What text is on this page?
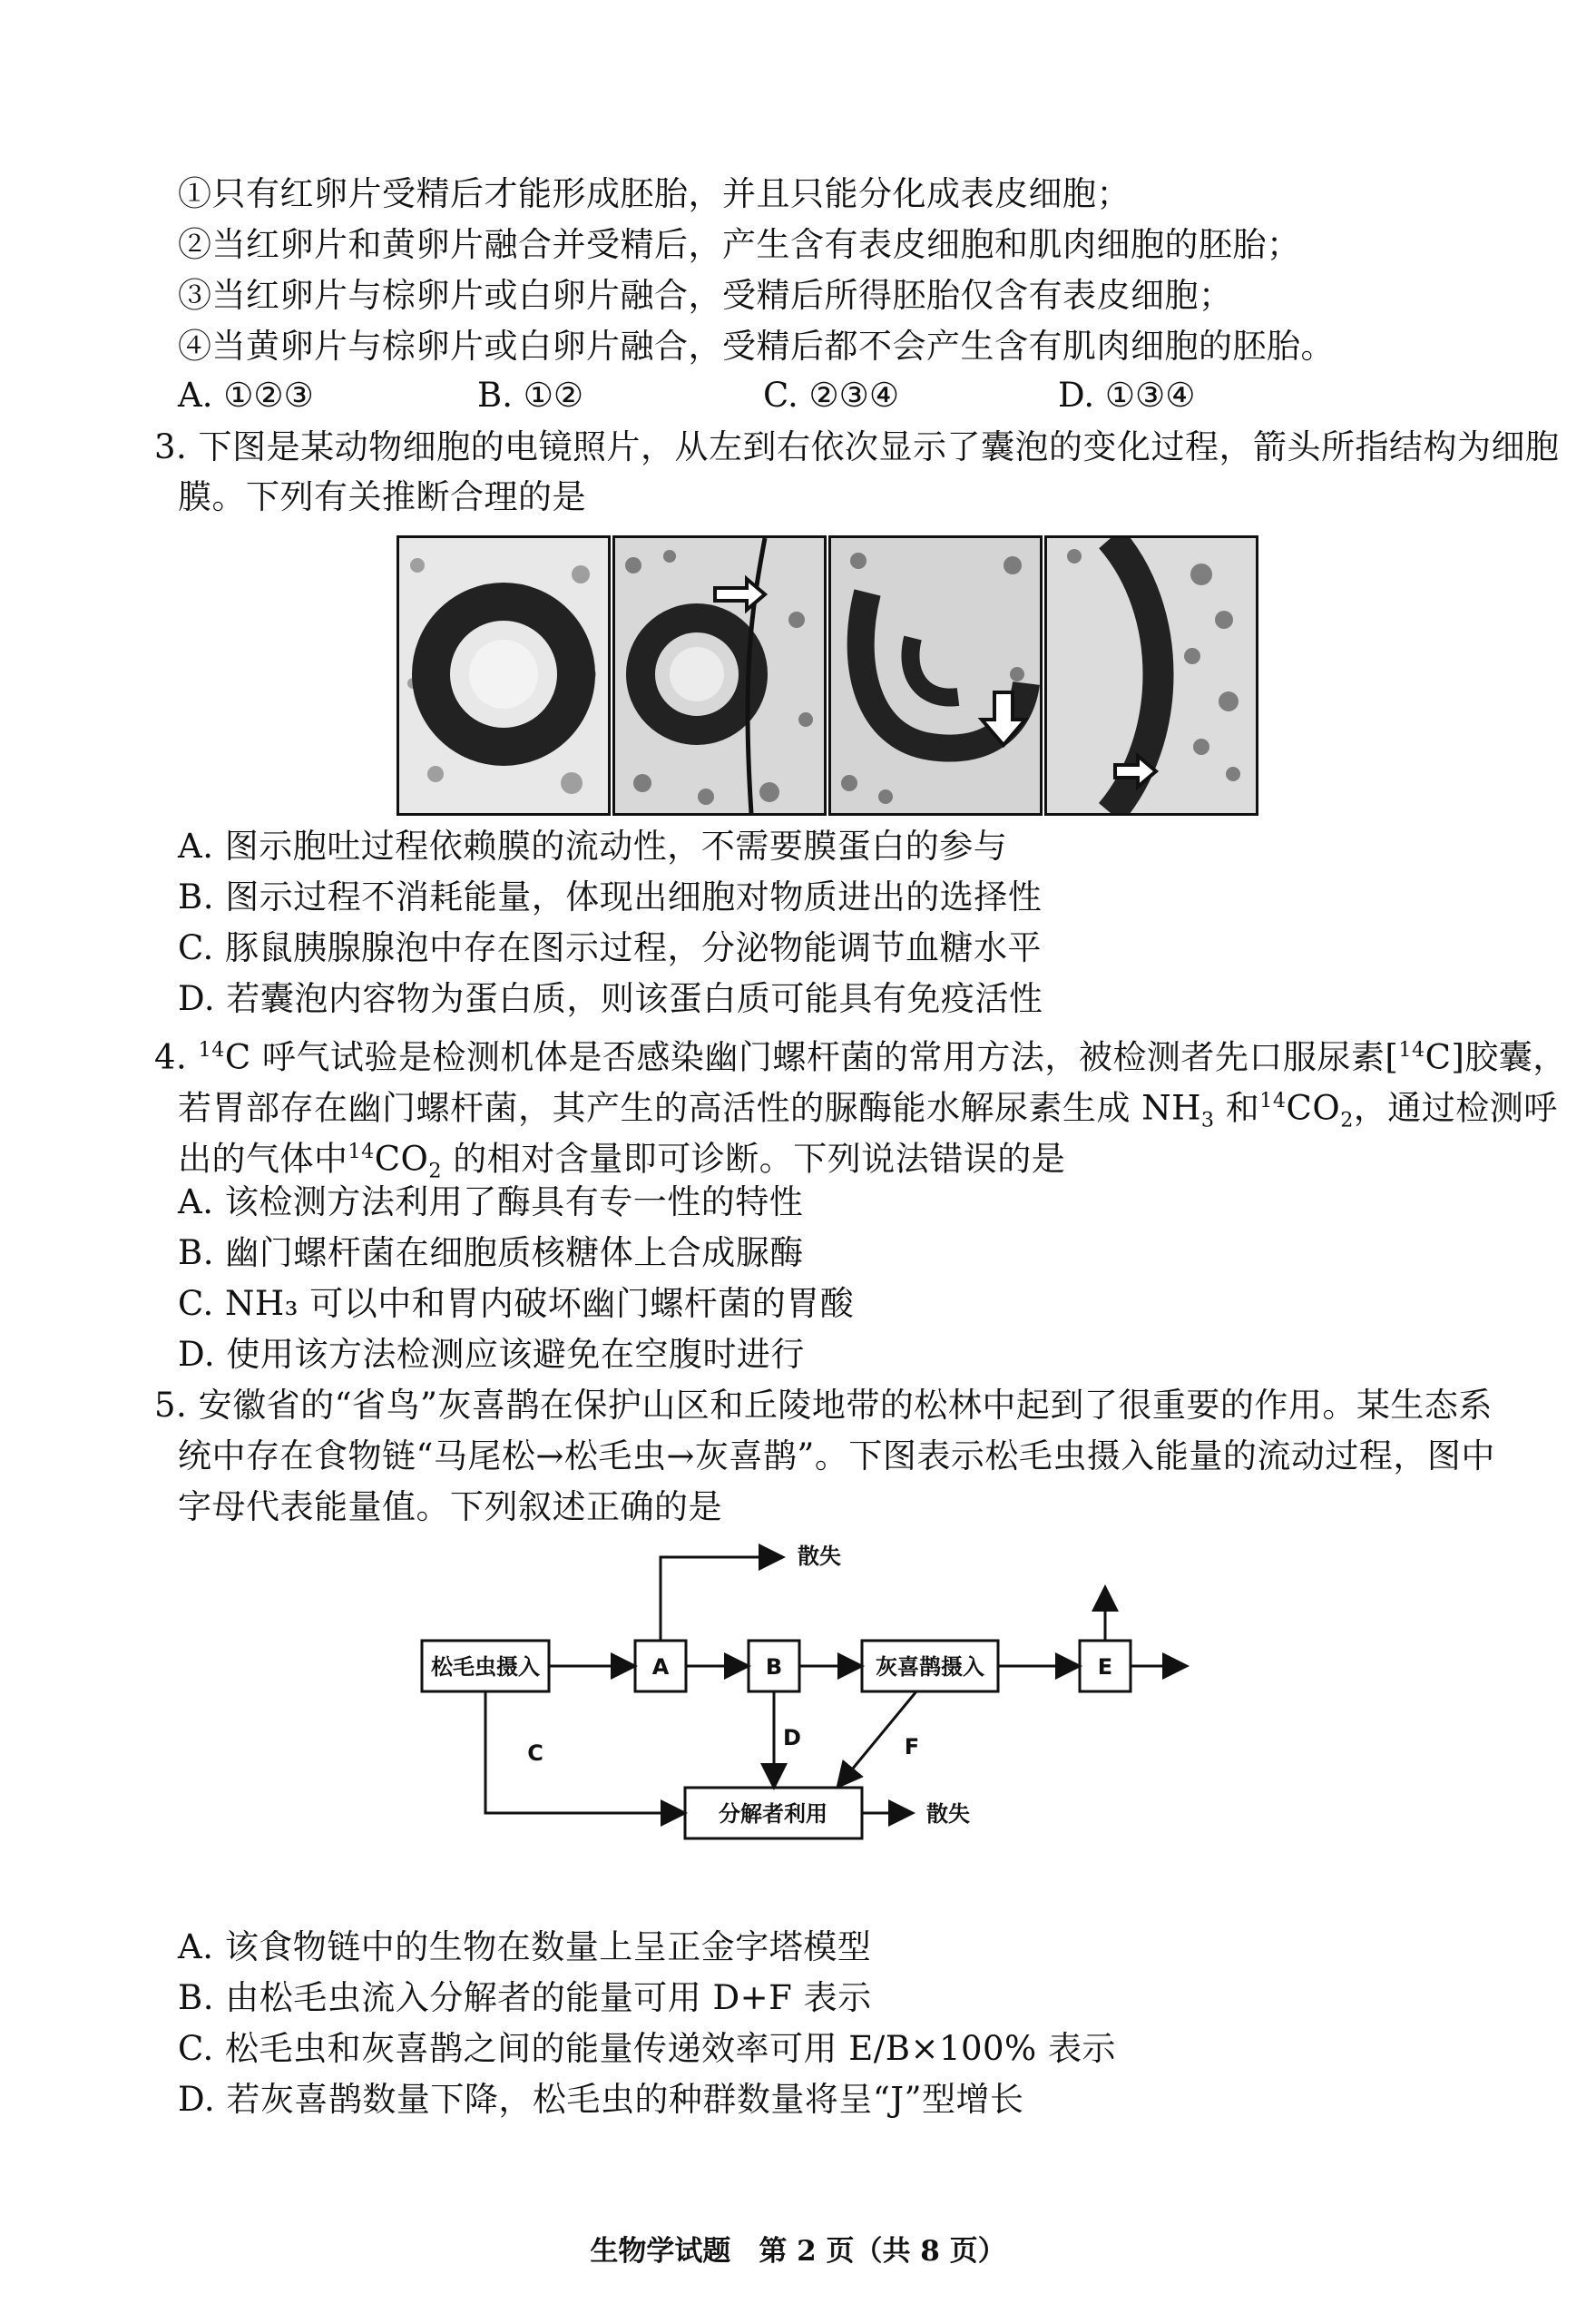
①只有红卵片受精后才能形成胚胎，并且只能分化成表皮细胞；
②当红卵片和黄卵片融合并受精后，产生含有表皮细胞和肌肉细胞的胚胎；
③当红卵片与棕卵片或白卵片融合，受精后所得胚胎仅含有表皮细胞；
④当黄卵片与棕卵片或白卵片融合，受精后都不会产生含有肌肉细胞的胚胎。
A. ①②③	B. ①②	C. ②③④	D. ①③④
3. 下图是某动物细胞的电镜照片，从左到右依次显示了囊泡的变化过程，箭头所指结构为细胞
膜。下列有关推断合理的是
A. 图示胞吐过程依赖膜的流动性，不需要膜蛋白的参与
B. 图示过程不消耗能量，体现出细胞对物质进出的选择性
C. 豚鼠胰腺腺泡中存在图示过程，分泌物能调节血糖水平
D. 若囊泡内容物为蛋白质，则该蛋白质可能具有免疫活性
4. $^{14}$C 呼气试验是检测机体是否感染幽门螺杆菌的常用方法，被检测者先口服尿素[$^{14}$C]胶囊，
若胃部存在幽门螺杆菌，其产生的高活性的脲酶能水解尿素生成 $NH_3$ 和$^{14}CO_2$，通过检测呼
出的气体中$^{14}CO_2$ 的相对含量即可诊断。下列说法错误的是
A. 该检测方法利用了酶具有专一性的特性
B. 幽门螺杆菌在细胞质核糖体上合成脲酶
C. NH₃ 可以中和胃内破坏幽门螺杆菌的胃酸
D. 使用该方法检测应该避免在空腹时进行
5. 安徽省的“省鸟”灰喜鹊在保护山区和丘陵地带的松林中起到了很重要的作用。某生态系
统中存在食物链“马尾松→松毛虫→灰喜鹊”。下图表示松毛虫摄入能量的流动过程，图中
字母代表能量值。下列叙述正确的是
松毛虫摄入	A	B	灰喜鹊摄入	E
分解者利用
C
D	F
散失
散失
A. 该食物链中的生物在数量上呈正金字塔模型
B. 由松毛虫流入分解者的能量可用 D+F 表示
C. 松毛虫和灰喜鹊之间的能量传递效率可用 E/B×100% 表示
D. 若灰喜鹊数量下降，松毛虫的种群数量将呈“J”型增长
生物学试题　第 2 页（共 8 页）
